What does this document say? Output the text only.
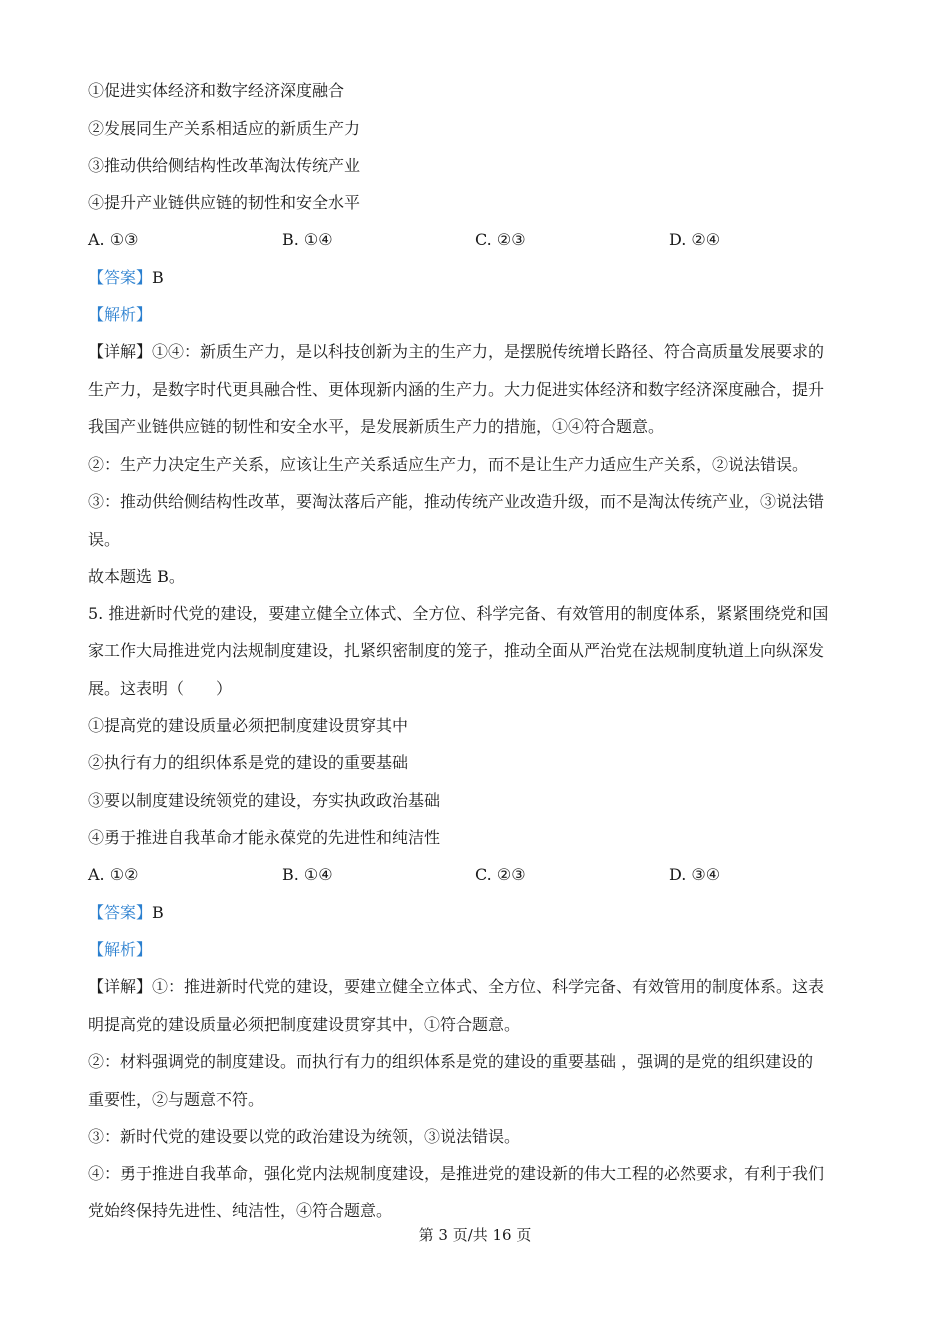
①促进实体经济和数字经济深度融合
②发展同生产关系相适应的新质生产力
③推动供给侧结构性改革淘汰传统产业
④提升产业链供应链的韧性和安全水平
A. ①③	B. ①④	C. ②③	D. ②④
【答案】B
【解析】
【详解】①④：新质生产力，是以科技创新为主的生产力，是摆脱传统增长路径、符合高质量发展要求的
生产力，是数字时代更具融合性、更体现新内涵的生产力。大力促进实体经济和数字经济深度融合，提升
我国产业链供应链的韧性和安全水平，是发展新质生产力的措施，①④符合题意。
②：生产力决定生产关系，应该让生产关系适应生产力，而不是让生产力适应生产关系，②说法错误。
③：推动供给侧结构性改革，要淘汰落后产能，推动传统产业改造升级，而不是淘汰传统产业，③说法错
误。
故本题选 B。
5. 推进新时代党的建设，要建立健全立体式、全方位、科学完备、有效管用的制度体系，紧紧围绕党和国
家工作大局推进党内法规制度建设，扎紧织密制度的笼子，推动全面从严治党在法规制度轨道上向纵深发
展。这表明（　　）
①提高党的建设质量必须把制度建设贯穿其中
②执行有力的组织体系是党的建设的重要基础
③要以制度建设统领党的建设，夯实执政政治基础
④勇于推进自我革命才能永葆党的先进性和纯洁性
A. ①②	B. ①④	C. ②③	D. ③④
【答案】B
【解析】
【详解】①：推进新时代党的建设，要建立健全立体式、全方位、科学完备、有效管用的制度体系。这表
明提高党的建设质量必须把制度建设贯穿其中，①符合题意。
②：材料强调党的制度建设。而执行有力的组织体系是党的建设的重要基础 ，强调的是党的组织建设的
重要性，②与题意不符。
③：新时代党的建设要以党的政治建设为统领，③说法错误。
④：勇于推进自我革命，强化党内法规制度建设，是推进党的建设新的伟大工程的必然要求，有利于我们
党始终保持先进性、纯洁性，④符合题意。
第 3 页/共 16 页
